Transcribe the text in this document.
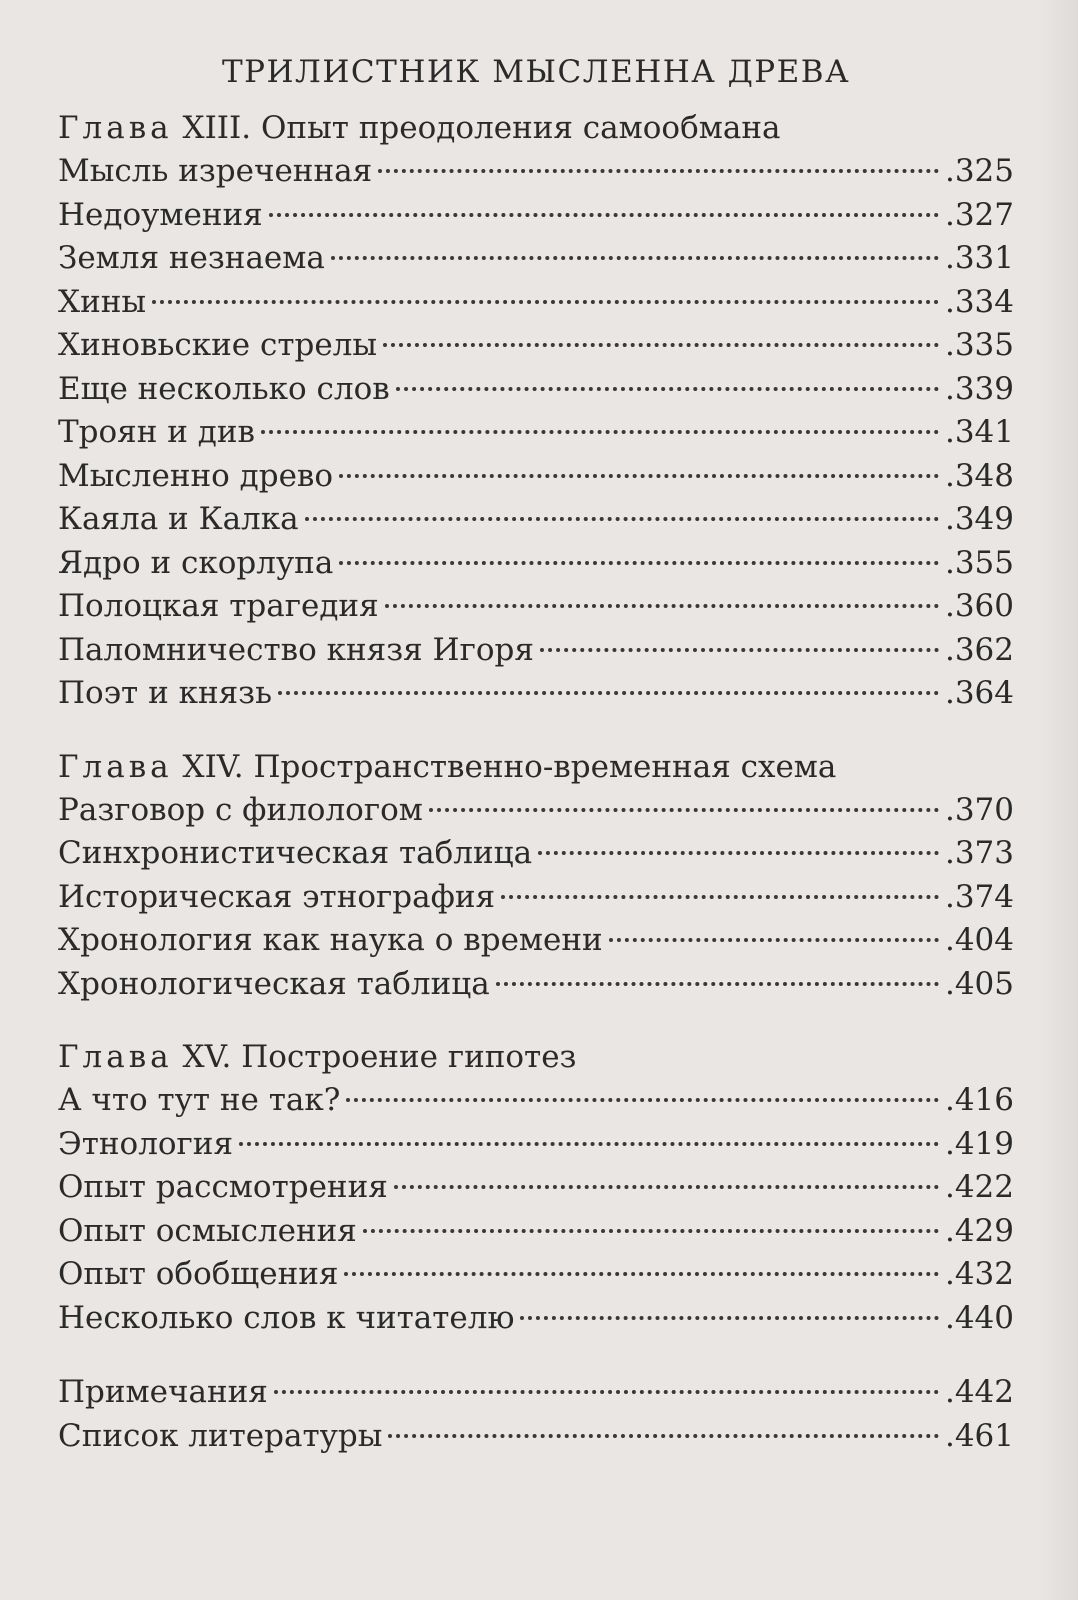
ТРИЛИСТНИК МЫСЛЕННА ДРЕВА
Глава XIII. Опыт преодоления самообмана
Мысль изреченная	.325
Недоумения	.327
Земля незнаема	.331
Хины	.334
Хиновьские стрелы	.335
Еще несколько слов	.339
Троян и див	.341
Мысленно древо	.348
Каяла и Калка	.349
Ядро и скорлупа	.355
Полоцкая трагедия	.360
Паломничество князя Игоря	.362
Поэт и князь	.364
Глава XIV. Пространственно-временная схема
Разговор с филологом	.370
Синхронистическая таблица	.373
Историческая этнография	.374
Хронология как наука о времени	.404
Хронологическая таблица	.405
Глава XV. Построение гипотез
А что тут не так?	.416
Этнология	.419
Опыт рассмотрения	.422
Опыт осмысления	.429
Опыт обобщения	.432
Несколько слов к читателю	.440
Примечания	.442
Список литературы	.461
